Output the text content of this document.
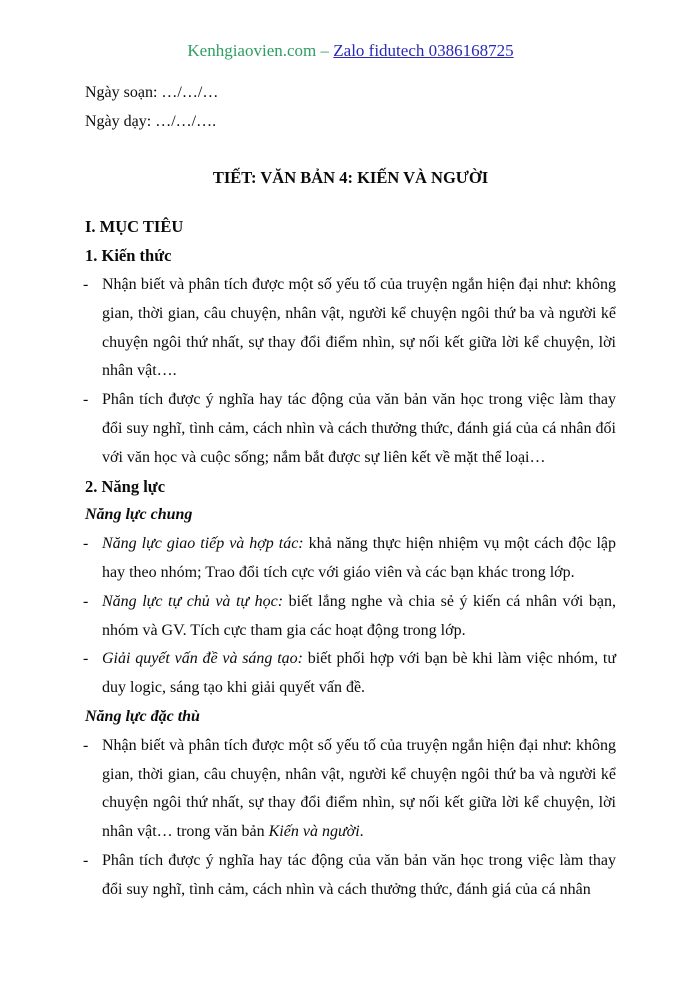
Kenhgiaovien.com – Zalo fidutech 0386168725

Ngày soạn: …/…/…

Ngày dạy: …/…/….

TIẾT: VĂN BẢN 4: KIẾN VÀ NGƯỜI
I. MỤC TIÊU
1. Kiến thức
- Nhận biết và phân tích được một số yếu tố của truyện ngắn hiện đại như: không gian, thời gian, câu chuyện, nhân vật, người kể chuyện ngôi thứ ba và người kể chuyện ngôi thứ nhất, sự thay đổi điểm nhìn, sự nối kết giữa lời kể chuyện, lời nhân vật….
- Phân tích được ý nghĩa hay tác động của văn bản văn học trong việc làm thay đổi suy nghĩ, tình cảm, cách nhìn và cách thưởng thức, đánh giá của cá nhân đối với văn học và cuộc sống; nắm bắt được sự liên kết về mặt thể loại…
2. Năng lực
Năng lực chung
- Năng lực giao tiếp và hợp tác: khả năng thực hiện nhiệm vụ một cách độc lập hay theo nhóm; Trao đổi tích cực với giáo viên và các bạn khác trong lớp.
- Năng lực tự chủ và tự học: biết lắng nghe và chia sẻ ý kiến cá nhân với bạn, nhóm và GV. Tích cực tham gia các hoạt động trong lớp.
- Giải quyết vấn đề và sáng tạo: biết phối hợp với bạn bè khi làm việc nhóm, tư duy logic, sáng tạo khi giải quyết vấn đề.
Năng lực đặc thù
- Nhận biết và phân tích được một số yếu tố của truyện ngắn hiện đại như: không gian, thời gian, câu chuyện, nhân vật, người kể chuyện ngôi thứ ba và người kể chuyện ngôi thứ nhất, sự thay đổi điểm nhìn, sự nối kết giữa lời kể chuyện, lời nhân vật… trong văn bản Kiến và người.
- Phân tích được ý nghĩa hay tác động của văn bản văn học trong việc làm thay đổi suy nghĩ, tình cảm, cách nhìn và cách thưởng thức, đánh giá của cá nhân
